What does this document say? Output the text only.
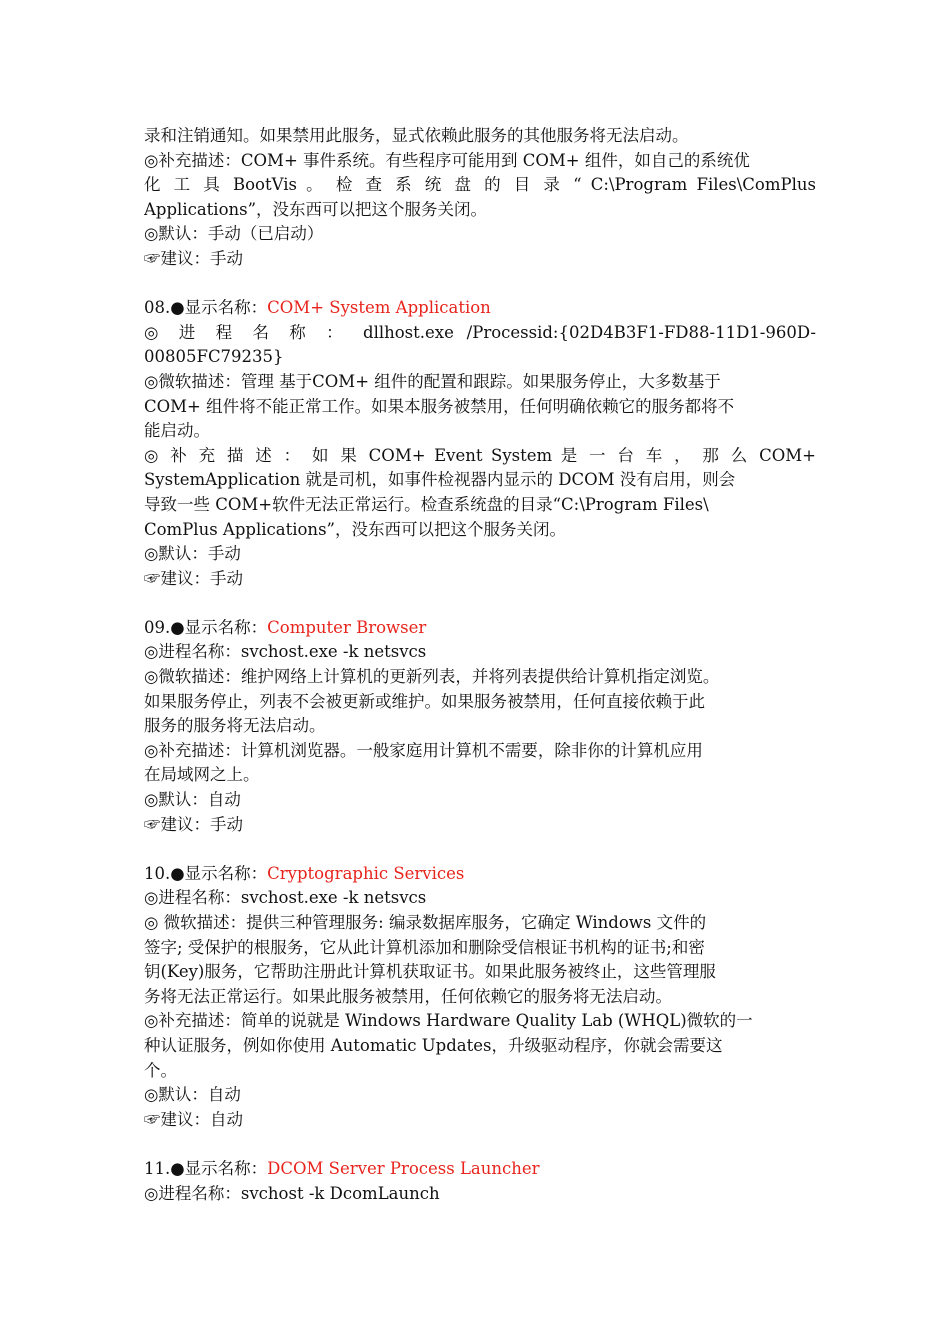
录和注销通知。如果禁用此服务，显式依赖此服务的其他服务将无法启动。
◎补充描述：COM+ 事件系统。有些程序可能用到 COM+ 组件，如自己的系统优
化 工 具 BootVis 。 检 查 系 统 盘 的 目 录 “ C:\Program Files\ComPlus
Applications”，没东西可以把这个服务关闭。
◎默认：手动（已启动）
☞建议：手动
08.●显示名称：COM+ System Application
◎ 进 程 名 称 ： dllhost.exe /Processid:{02D4B3F1-FD88-11D1-960D-
00805FC79235}
◎微软描述：管理 基于COM+ 组件的配置和跟踪。如果服务停止，大多数基于
COM+ 组件将不能正常工作。如果本服务被禁用，任何明确依赖它的服务都将不
能启动。
◎ 补 充 描 述 ： 如 果 COM+ Event System 是 一 台 车 ， 那 么 COM+
SystemApplication 就是司机，如事件检视器内显示的 DCOM 没有启用，则会
导致一些 COM+软件无法正常运行。检查系统盘的目录“C:\Program Files\
ComPlus Applications”，没东西可以把这个服务关闭。
◎默认：手动
☞建议：手动
09.●显示名称：Computer Browser
◎进程名称：svchost.exe -k netsvcs
◎微软描述：维护网络上计算机的更新列表，并将列表提供给计算机指定浏览。
如果服务停止，列表不会被更新或维护。如果服务被禁用，任何直接依赖于此
服务的服务将无法启动。
◎补充描述：计算机浏览器。一般家庭用计算机不需要，除非你的计算机应用
在局域网之上。
◎默认：自动
☞建议：手动
10.●显示名称：Cryptographic Services
◎进程名称：svchost.exe -k netsvcs
◎ 微软描述：提供三种管理服务: 编录数据库服务，它确定 Windows 文件的
签字; 受保护的根服务，它从此计算机添加和删除受信根证书机构的证书;和密
钥(Key)服务，它帮助注册此计算机获取证书。如果此服务被终止，这些管理服
务将无法正常运行。如果此服务被禁用，任何依赖它的服务将无法启动。
◎补充描述：简单的说就是 Windows Hardware Quality Lab (WHQL)微软的一
种认证服务，例如你使用 Automatic Updates，升级驱动程序，你就会需要这
个。
◎默认：自动
☞建议：自动
11.●显示名称：DCOM Server Process Launcher
◎进程名称：svchost -k DcomLaunch
